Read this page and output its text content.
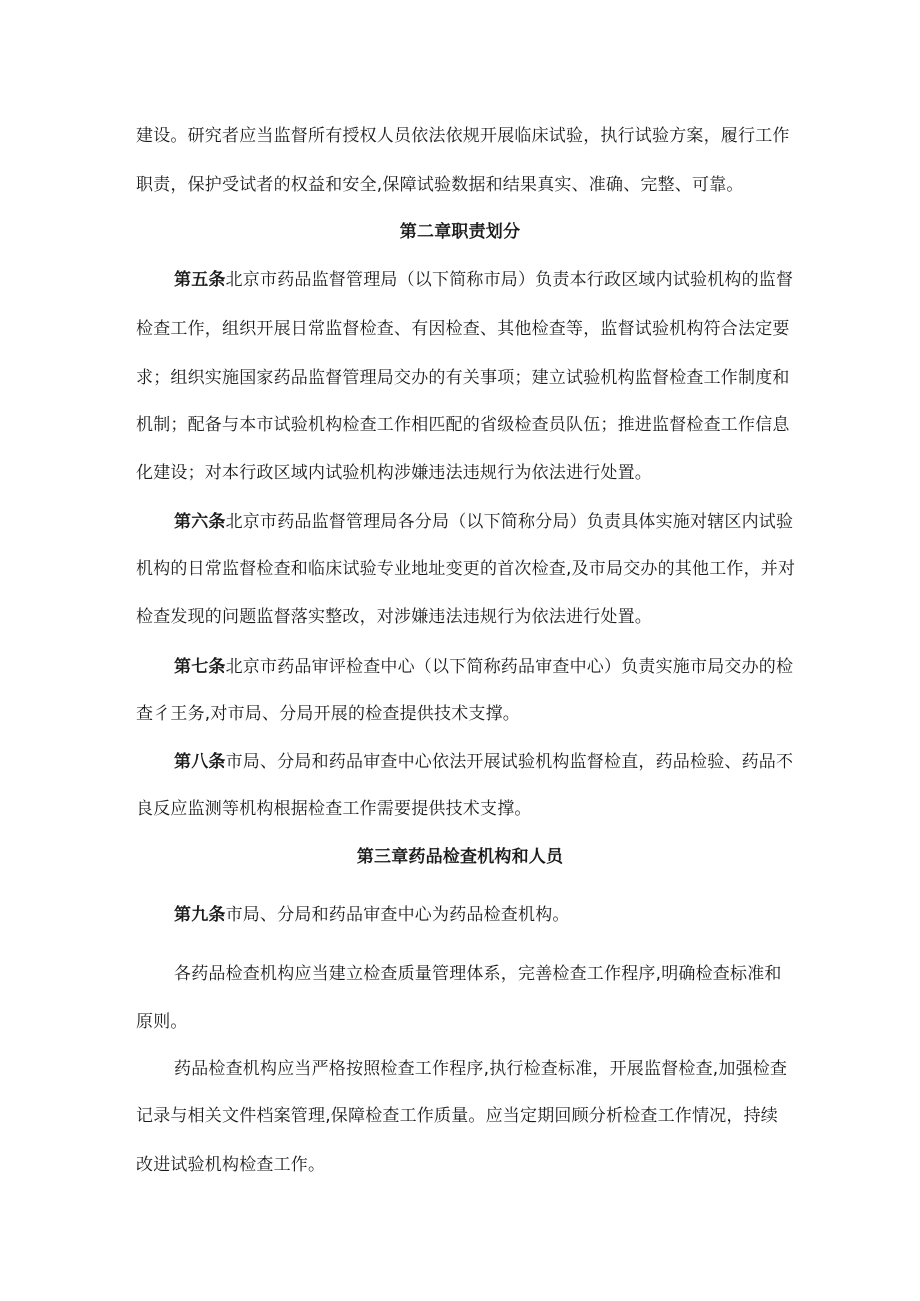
建设。研究者应当监督所有授权人员依法依规开展临床试验，执行试验方案，履行工作
职责，保护受试者的权益和安全,保障试验数据和结果真实、准确、完整、可靠。
第二章职责划分
第五条北京市药品监督管理局（以下简称市局）负责本行政区域内试验机构的监督
检查工作，组织开展日常监督检查、有因检查、其他检查等，监督试验机构符合法定要
求；组织实施国家药品监督管理局交办的有关事项；建立试验机构监督检查工作制度和
机制；配备与本市试验机构检查工作相匹配的省级检查员队伍；推进监督检查工作信息
化建设；对本行政区域内试验机构涉嫌违法违规行为依法进行处置。
第六条北京市药品监督管理局各分局（以下简称分局）负责具体实施对辖区内试验
机构的日常监督检查和临床试验专业地址变更的首次检查,及市局交办的其他工作，并对
检查发现的问题监督落实整改，对涉嫌违法违规行为依法进行处置。
第七条北京市药品审评检查中心（以下简称药品审查中心）负责实施市局交办的检
查彳王务,对市局、分局开展的检查提供技术支撑。
第八条市局、分局和药品审查中心依法开展试验机构监督检直，药品检验、药品不
良反应监测等机构根据检查工作需要提供技术支撑。
第三章药品检查机构和人员
第九条市局、分局和药品审查中心为药品检查机构。
各药品检查机构应当建立检查质量管理体系，完善检查工作程序,明确检查标准和
原则。
药品检查机构应当严格按照检查工作程序,执行检查标准，开展监督检查,加强检查
记录与相关文件档案管理,保障检查工作质量。应当定期回顾分析检查工作情况，持续
改进试验机构检查工作。
